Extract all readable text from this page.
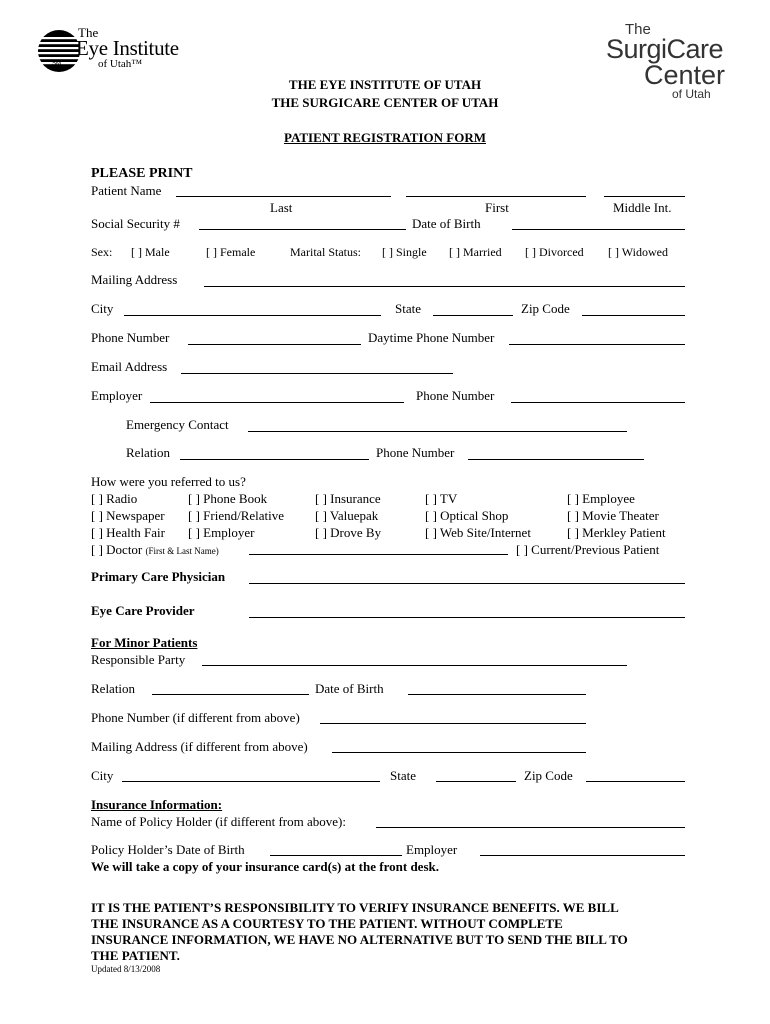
The
Eye Institute
of Utah™
SM
The
SurgiCare
Center
of Utah
THE EYE INSTITUTE OF UTAH
THE SURGICARE CENTER OF UTAH
PATIENT REGISTRATION FORM
PLEASE PRINT
Patient Name
Last	First	Middle Int.
Social Security #	Date of Birth
Sex: [ ] Male	[ ] Female	Marital Status: [ ] Single [ ] Married [ ] Divorced [ ] Widowed
Mailing Address
City	State	Zip Code
Phone Number	Daytime Phone Number
Email Address
Employer	Phone Number
Emergency Contact
Relation	Phone Number
How were you referred to us?
[ ] Radio	[ ] Phone Book	[ ] Insurance	[ ] TV	[ ] Employee
[ ] Newspaper [ ] Friend/Relative [ ] Valuepak	[ ] Optical Shop	[ ] Movie Theater
[ ] Health Fair [ ] Employer	[ ] Drove By	[ ] Web Site/Internet	[ ] Merkley Patient
[ ] Doctor (First & Last Name)	[ ] Current/Previous Patient
Primary Care Physician
Eye Care Provider
For Minor Patients
Responsible Party
Relation	Date of Birth
Phone Number (if different from above)
Mailing Address (if different from above)
City	State	Zip Code
Insurance Information:
Name of Policy Holder (if different from above):
Policy Holder’s Date of Birth	Employer
We will take a copy of your insurance card(s) at the front desk.
IT IS THE PATIENT’S RESPONSIBILITY TO VERIFY INSURANCE BENEFITS. WE BILL
THE INSURANCE AS A COURTESY TO THE PATIENT. WITHOUT COMPLETE
INSURANCE INFORMATION, WE HAVE NO ALTERNATIVE BUT TO SEND THE BILL TO
THE PATIENT.
Updated 8/13/2008
